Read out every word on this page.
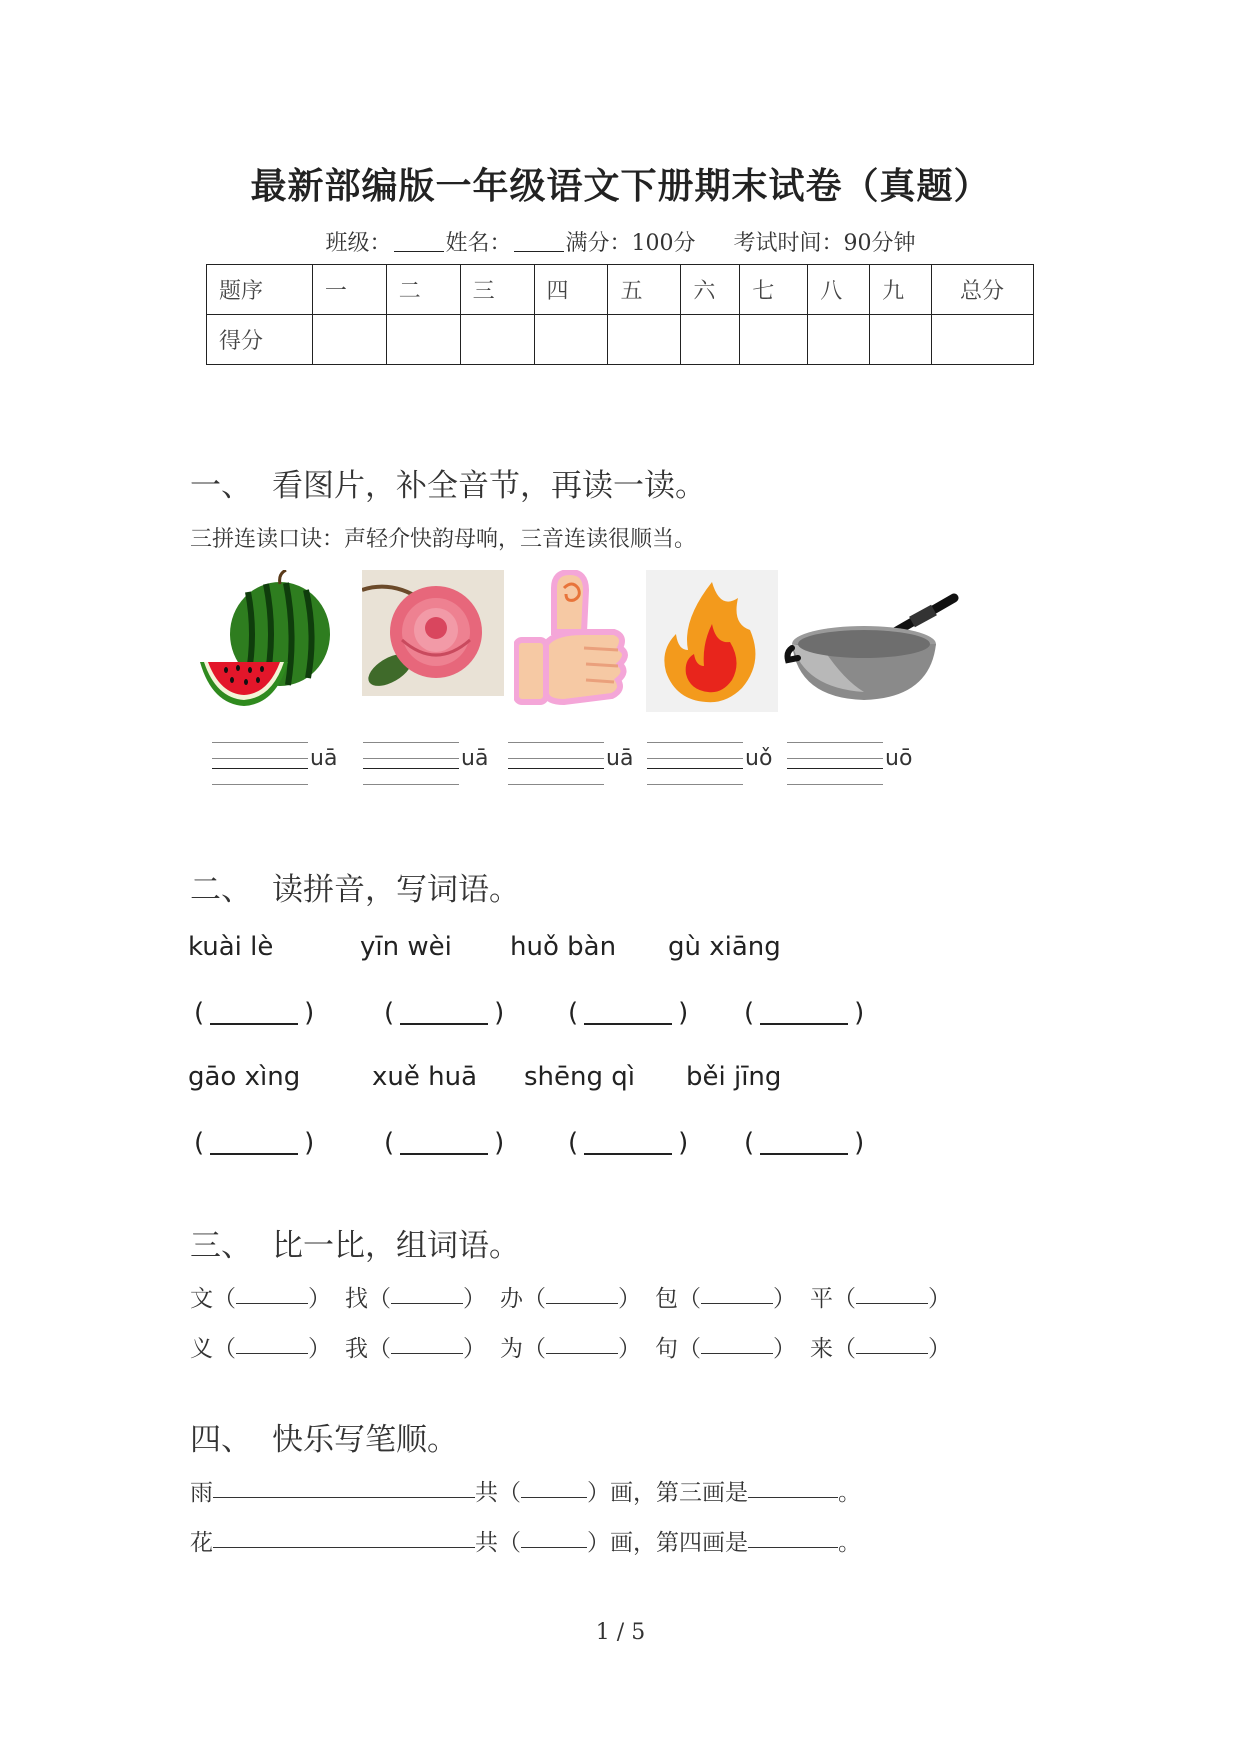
最新部编版一年级语文下册期末试卷（真题）
班级： 姓名： 满分：100分 考试时间：90分钟
题序	一	二	三	四	五	六	七	八	九	总分
得分										
一、 看图片，补全音节，再读一读。
三拼连读口诀：声轻介快韵母响，三音连读很顺当。
uā	uā	uā	uǒ	uō
二、 读拼音，写词语。
kuài lè	yīn wèi huǒ bàn gù xiāng
(	)	(	) (	) (	)
gāo xìng	xuě huā shēng qì běi jīng
(	)	(	) (	) (	)
三、 比一比，组词语。
文（	） 找（	） 办（	） 包（	） 平（	）
义（	） 我（	） 为（	） 句（	） 来（	）
四、 快乐写笔顺。
雨	共（	）画，第三画是	。
花	共（	）画，第四画是	。
1 / 5
